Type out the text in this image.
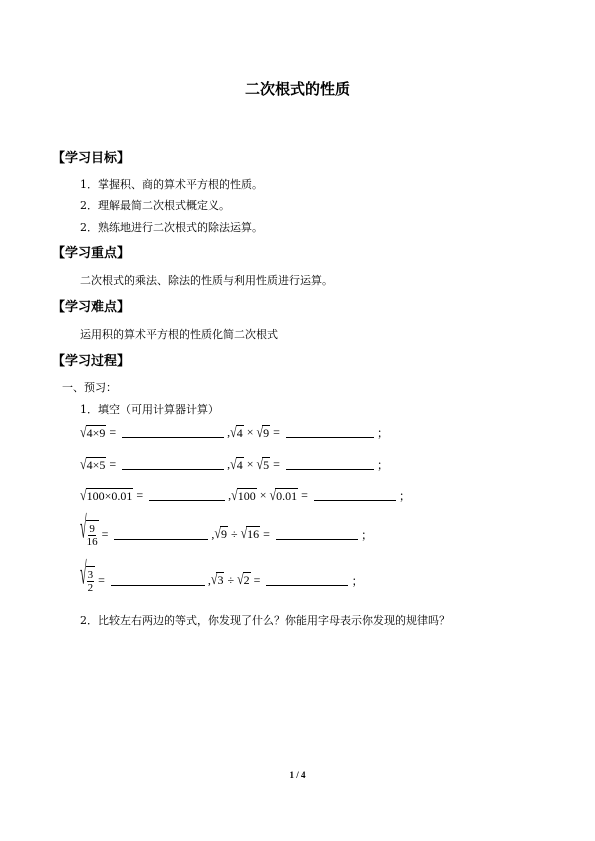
二次根式的性质
【学习目标】
1．掌握积、商的算术平方根的性质。
2．理解最简二次根式概定义。
2．熟练地进行二次根式的除法运算。
【学习重点】
二次根式的乘法、除法的性质与利用性质进行运算。
【学习难点】
运用积的算术平方根的性质化简二次根式
【学习过程】
一、预习：
1．填空（可用计算器计算）
√ 4×9 =	, √ 4 × √ 9 =	；
√ 4×5 =	, √ 4 × √ 5 =	；
√ 100×0.01 =	, √ 100 × √ 0.01 =	；
√ $\frac{9}{16}$ =	, √ 9 ÷ √ 16 =	；
√ $\frac{3}{2}$ =	, √ 3 ÷ √ 2 =	；
2．比较左右两边的等式，你发现了什么？你能用字母表示你发现的规律吗？
1 / 4
